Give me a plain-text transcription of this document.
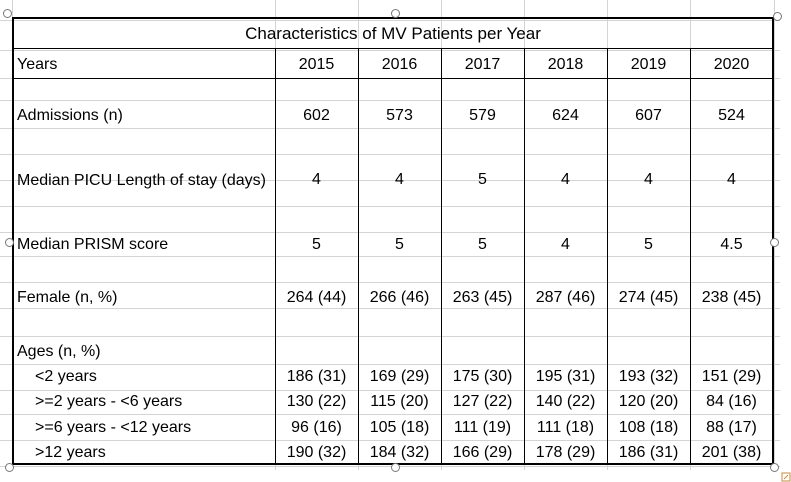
Characteristics of MV Patients per Year
Years	2015	2016	2017	2018	2019	2020
Admissions (n)	602	573	579	624	607	524
Median PICU Length of stay (days)	4	4	5	4	4	4
Median PRISM score	5	5	5	4	5	4.5
Female (n, %)	264 (44)	266 (46)	263 (45)	287 (46)	274 (45)	238 (45)
Ages (n, %)
<2 years	186 (31)	169 (29)	175 (30)	195 (31)	193 (32)	151 (29)
>=2 years - <6 years	130 (22)	115 (20)	127 (22)	140 (22)	120 (20)	84 (16)
>=6 years - <12 years	96 (16)	105 (18)	111 (19)	111 (18)	108 (18)	88 (17)
>12 years	190 (32)	184 (32)	166 (29)	178 (29)	186 (31)	201 (38)
